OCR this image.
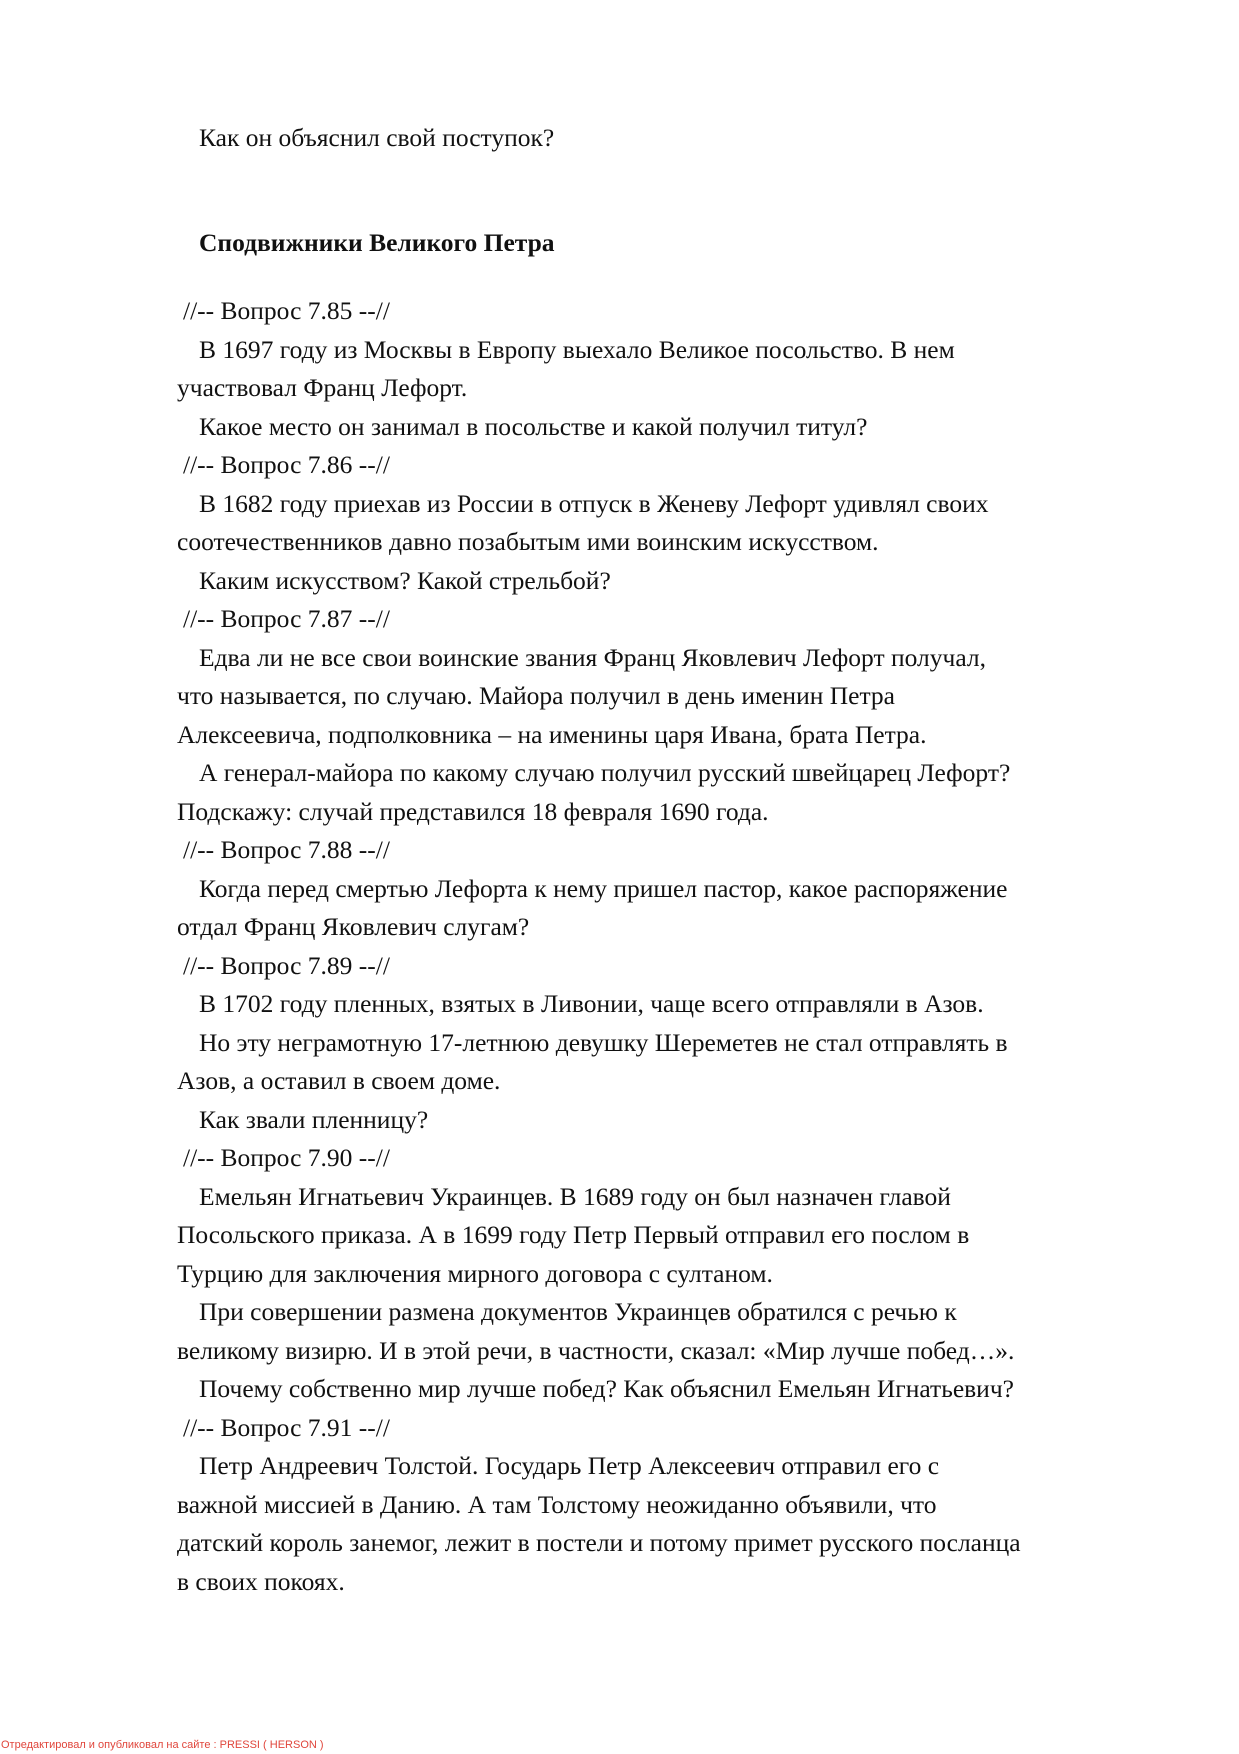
Как он объяснил свой поступок?
Сподвижники Великого Петра
//-- Вопрос 7.85 --//
В 1697 году из Москвы в Европу выехало Великое посольство. В нем
участвовал Франц Лефорт.
Какое место он занимал в посольстве и какой получил титул?
//-- Вопрос 7.86 --//
В 1682 году приехав из России в отпуск в Женеву Лефорт удивлял своих
соотечественников давно позабытым ими воинским искусством.
Каким искусством? Какой стрельбой?
//-- Вопрос 7.87 --//
Едва ли не все свои воинские звания Франц Яковлевич Лефорт получал,
что называется, по случаю. Майора получил в день именин Петра
Алексеевича, подполковника – на именины царя Ивана, брата Петра.
А генерал-майора по какому случаю получил русский швейцарец Лефорт?
Подскажу: случай представился 18 февраля 1690 года.
//-- Вопрос 7.88 --//
Когда перед смертью Лефорта к нему пришел пастор, какое распоряжение
отдал Франц Яковлевич слугам?
//-- Вопрос 7.89 --//
В 1702 году пленных, взятых в Ливонии, чаще всего отправляли в Азов.
Но эту неграмотную 17-летнюю девушку Шереметев не стал отправлять в
Азов, а оставил в своем доме.
Как звали пленницу?
//-- Вопрос 7.90 --//
Емельян Игнатьевич Украинцев. В 1689 году он был назначен главой
Посольского приказа. А в 1699 году Петр Первый отправил его послом в
Турцию для заключения мирного договора с султаном.
При совершении размена документов Украинцев обратился с речью к
великому визирю. И в этой речи, в частности, сказал: «Мир лучше побед…».
Почему собственно мир лучше побед? Как объяснил Емельян Игнатьевич?
//-- Вопрос 7.91 --//
Петр Андреевич Толстой. Государь Петр Алексеевич отправил его с
важной миссией в Данию. А там Толстому неожиданно объявили, что
датский король занемог, лежит в постели и потому примет русского посланца
в своих покоях.
Отредактировал и опубликовал на сайте : PRESSI ( HERSON )
